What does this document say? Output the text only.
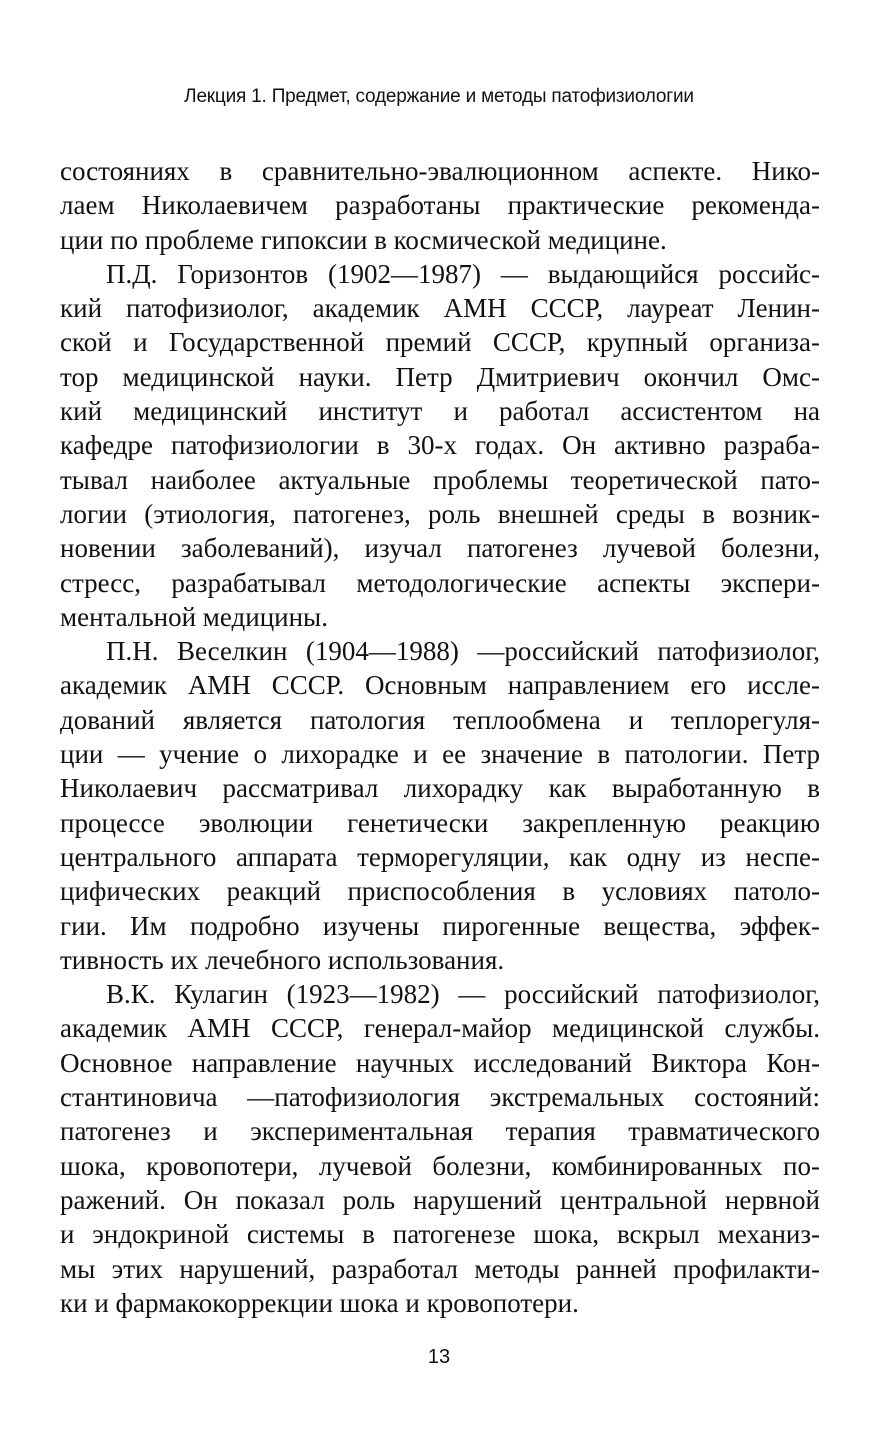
Лекция 1. Предмет, содержание и методы патофизиологии
состояниях в сравнительно-эвалюционном аспекте. Нико-
лаем Николаевичем разработаны практические рекоменда-
ции по проблеме гипоксии в космической медицине.
П.Д. Горизонтов (1902—1987) — выдающийся российс-
кий патофизиолог, академик АМН СССР, лауреат Ленин-
ской и Государственной премий СССР, крупный организа-
тор медицинской науки. Петр Дмитриевич окончил Омс-
кий медицинский институт и работал ассистентом на
кафедре патофизиологии в 30-х годах. Он активно разраба-
тывал наиболее актуальные проблемы теоретической пато-
логии (этиология, патогенез, роль внешней среды в возник-
новении заболеваний), изучал патогенез лучевой болезни,
стресс, разрабатывал методологические аспекты экспери-
ментальной медицины.
П.Н. Веселкин (1904—1988) —российский патофизиолог,
академик АМН СССР. Основным направлением его иссле-
дований является патология теплообмена и теплорегуля-
ции — учение о лихорадке и ее значение в патологии. Петр
Николаевич рассматривал лихорадку как выработанную в
процессе эволюции генетически закрепленную реакцию
центрального аппарата терморегуляции, как одну из неспе-
цифических реакций приспособления в условиях патоло-
гии. Им подробно изучены пирогенные вещества, эффек-
тивность их лечебного использования.
В.К. Кулагин (1923—1982) — российский патофизиолог,
академик АМН СССР, генерал-майор медицинской службы.
Основное направление научных исследований Виктора Кон-
стантиновича —патофизиология экстремальных состояний:
патогенез и экспериментальная терапия травматического
шока, кровопотери, лучевой болезни, комбинированных по-
ражений. Он показал роль нарушений центральной нервной
и эндокриной системы в патогенезе шока, вскрыл механиз-
мы этих нарушений, разработал методы ранней профилакти-
ки и фармакокоррекции шока и кровопотери.
13
